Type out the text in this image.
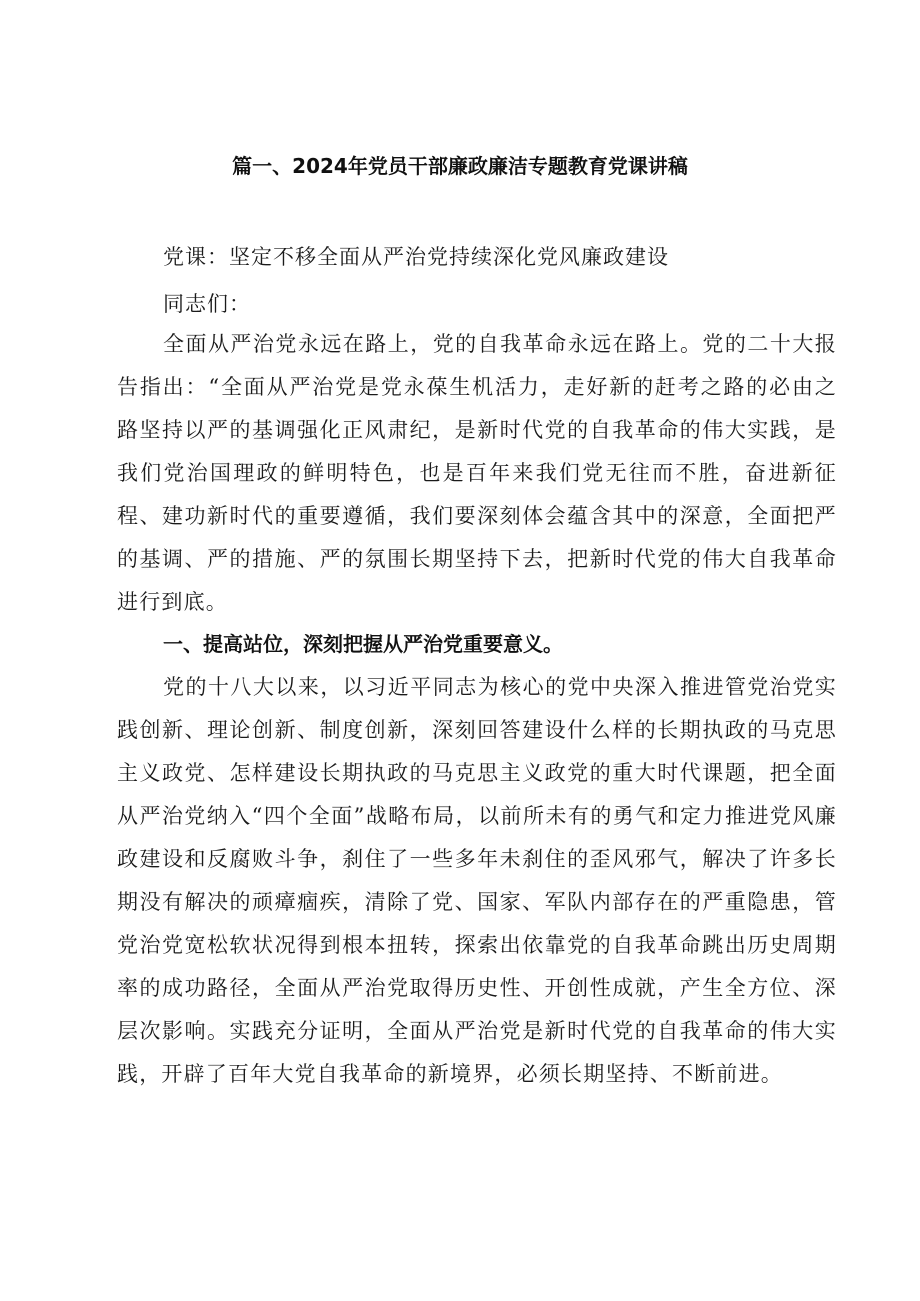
篇一、2024年党员干部廉政廉洁专题教育党课讲稿
党课：坚定不移全面从严治党持续深化党风廉政建设
同志们：

全面从严治党永远在路上，党的自我革命永远在路上。党的二十大报告指出：“全面从严治党是党永葆生机活力，走好新的赶考之路的必由之路坚持以严的基调强化正风肃纪，是新时代党的自我革命的伟大实践，是我们党治国理政的鲜明特色，也是百年来我们党无往而不胜，奋进新征程、建功新时代的重要遵循，我们要深刻体会蕴含其中的深意，全面把严的基调、严的措施、严的氛围长期坚持下去，把新时代党的伟大自我革命进行到底。

一、提高站位，深刻把握从严治党重要意义。

党的十八大以来，以习近平同志为核心的党中央深入推进管党治党实践创新、理论创新、制度创新，深刻回答建设什么样的长期执政的马克思主义政党、怎样建设长期执政的马克思主义政党的重大时代课题，把全面从严治党纳入“四个全面”战略布局，以前所未有的勇气和定力推进党风廉政建设和反腐败斗争，刹住了一些多年未刹住的歪风邪气，解决了许多长期没有解决的顽瘴痼疾，清除了党、国家、军队内部存在的严重隐患，管党治党宽松软状况得到根本扭转，探索出依靠党的自我革命跳出历史周期率的成功路径，全面从严治党取得历史性、开创性成就，产生全方位、深层次影响。实践充分证明，全面从严治党是新时代党的自我革命的伟大实践，开辟了百年大党自我革命的新境界，必须长期坚持、不断前进。
